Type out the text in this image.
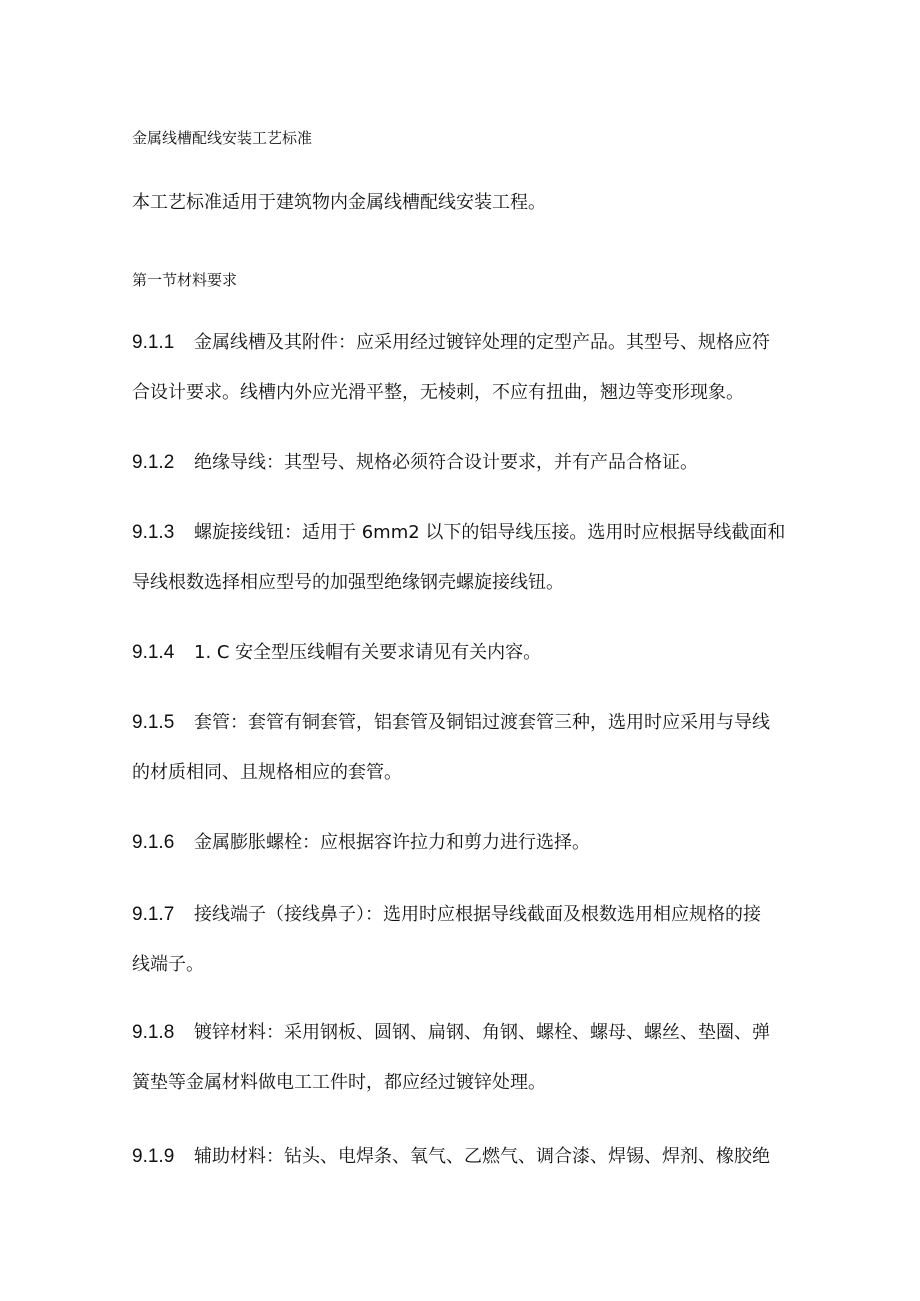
金属线槽配线安装工艺标准
本工艺标准适用于建筑物内金属线槽配线安装工程。
第一节材料要求
9.1.1 金属线槽及其附件：应采用经过镀锌处理的定型产品。其型号、规格应符
合设计要求。线槽内外应光滑平整，无棱刺，不应有扭曲，翘边等变形现象。
9.1.2 绝缘导线：其型号、规格必须符合设计要求，并有产品合格证。
9.1.3 螺旋接线钮：适用于 6mm2 以下的铝导线压接。选用时应根据导线截面和
导线根数选择相应型号的加强型绝缘钢壳螺旋接线钮。
9.1.4 1. C 安全型压线帽有关要求请见有关内容。
9.1.5 套管：套管有铜套管，铝套管及铜铝过渡套管三种，选用时应采用与导线
的材质相同、且规格相应的套管。
9.1.6 金属膨胀螺栓：应根据容许拉力和剪力进行选择。
9.1.7 接线端子（接线鼻子）：选用时应根据导线截面及根数选用相应规格的接
线端子。
9.1.8 镀锌材料：采用钢板、圆钢、扁钢、角钢、螺栓、螺母、螺丝、垫圈、弹
簧垫等金属材料做电工工件时，都应经过镀锌处理。
9.1.9 辅助材料：钻头、电焊条、氧气、乙燃气、调合漆、焊锡、焊剂、橡胶绝
